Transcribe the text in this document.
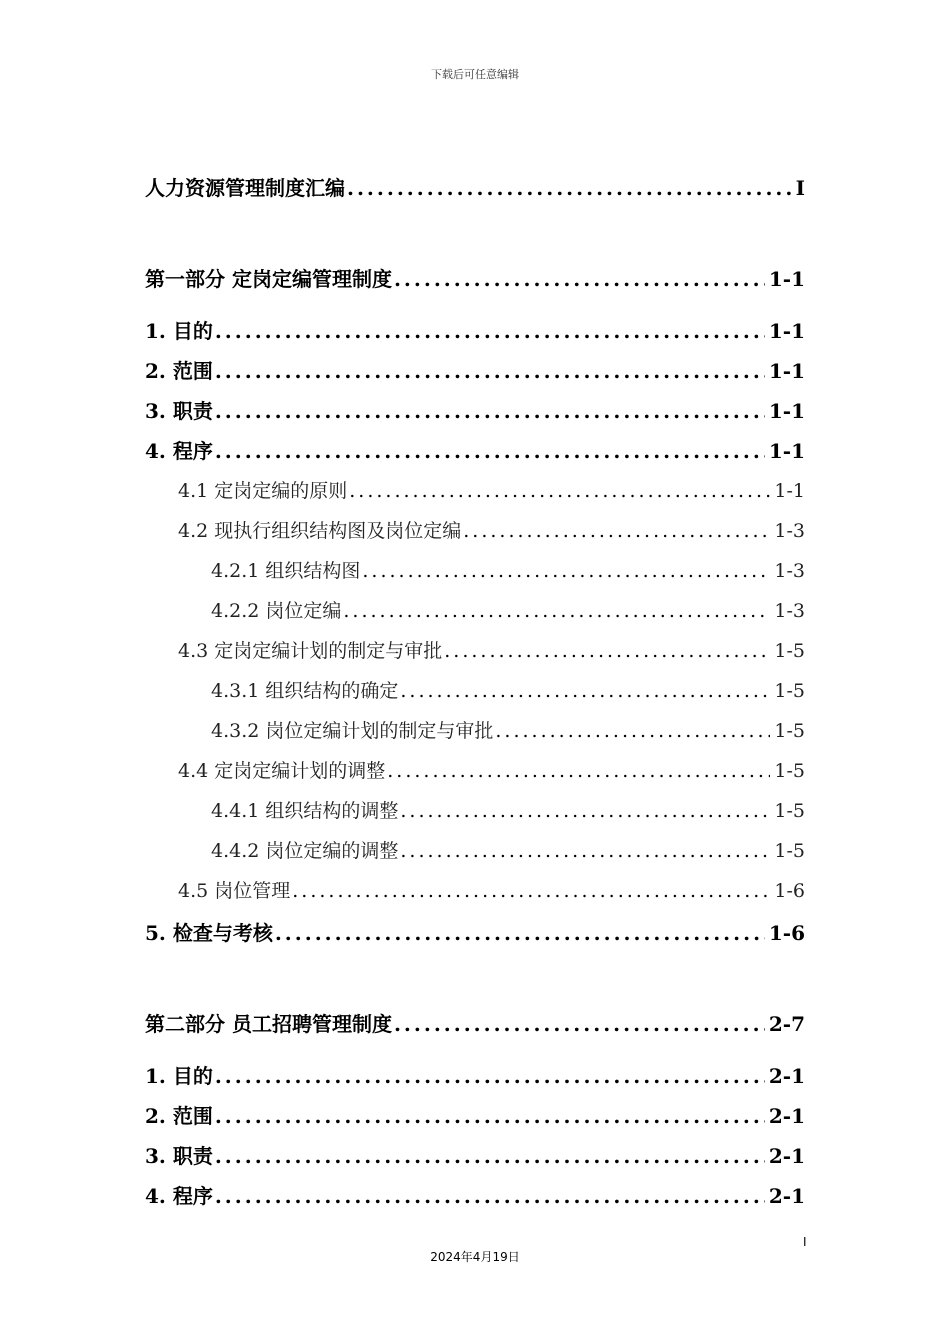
下载后可任意编辑
人力资源管理制度汇编 .....	I
第一部分 定岗定编管理制度 .....	1-1
1. 目的 .....	1-1
2. 范围 .....	1-1
3. 职责 .....	1-1
4. 程序 .....	1-1
4.1 定岗定编的原则 .....	1-1
4.2 现执行组织结构图及岗位定编 .....	1-3
4.2.1 组织结构图 .....	1-3
4.2.2 岗位定编 .....	1-3
4.3 定岗定编计划的制定与审批 .....	1-5
4.3.1 组织结构的确定 .....	1-5
4.3.2 岗位定编计划的制定与审批 .....	1-5
4.4 定岗定编计划的调整 .....	1-5
4.4.1 组织结构的调整 .....	1-5
4.4.2 岗位定编的调整 .....	1-5
4.5 岗位管理 .....	1-6
5. 检查与考核 .....	1-6
第二部分 员工招聘管理制度 .....	2-7
1. 目的 .....	2-1
2. 范围 .....	2-1
3. 职责 .....	2-1
4. 程序 .....	2-1
I
2024年4月19日
